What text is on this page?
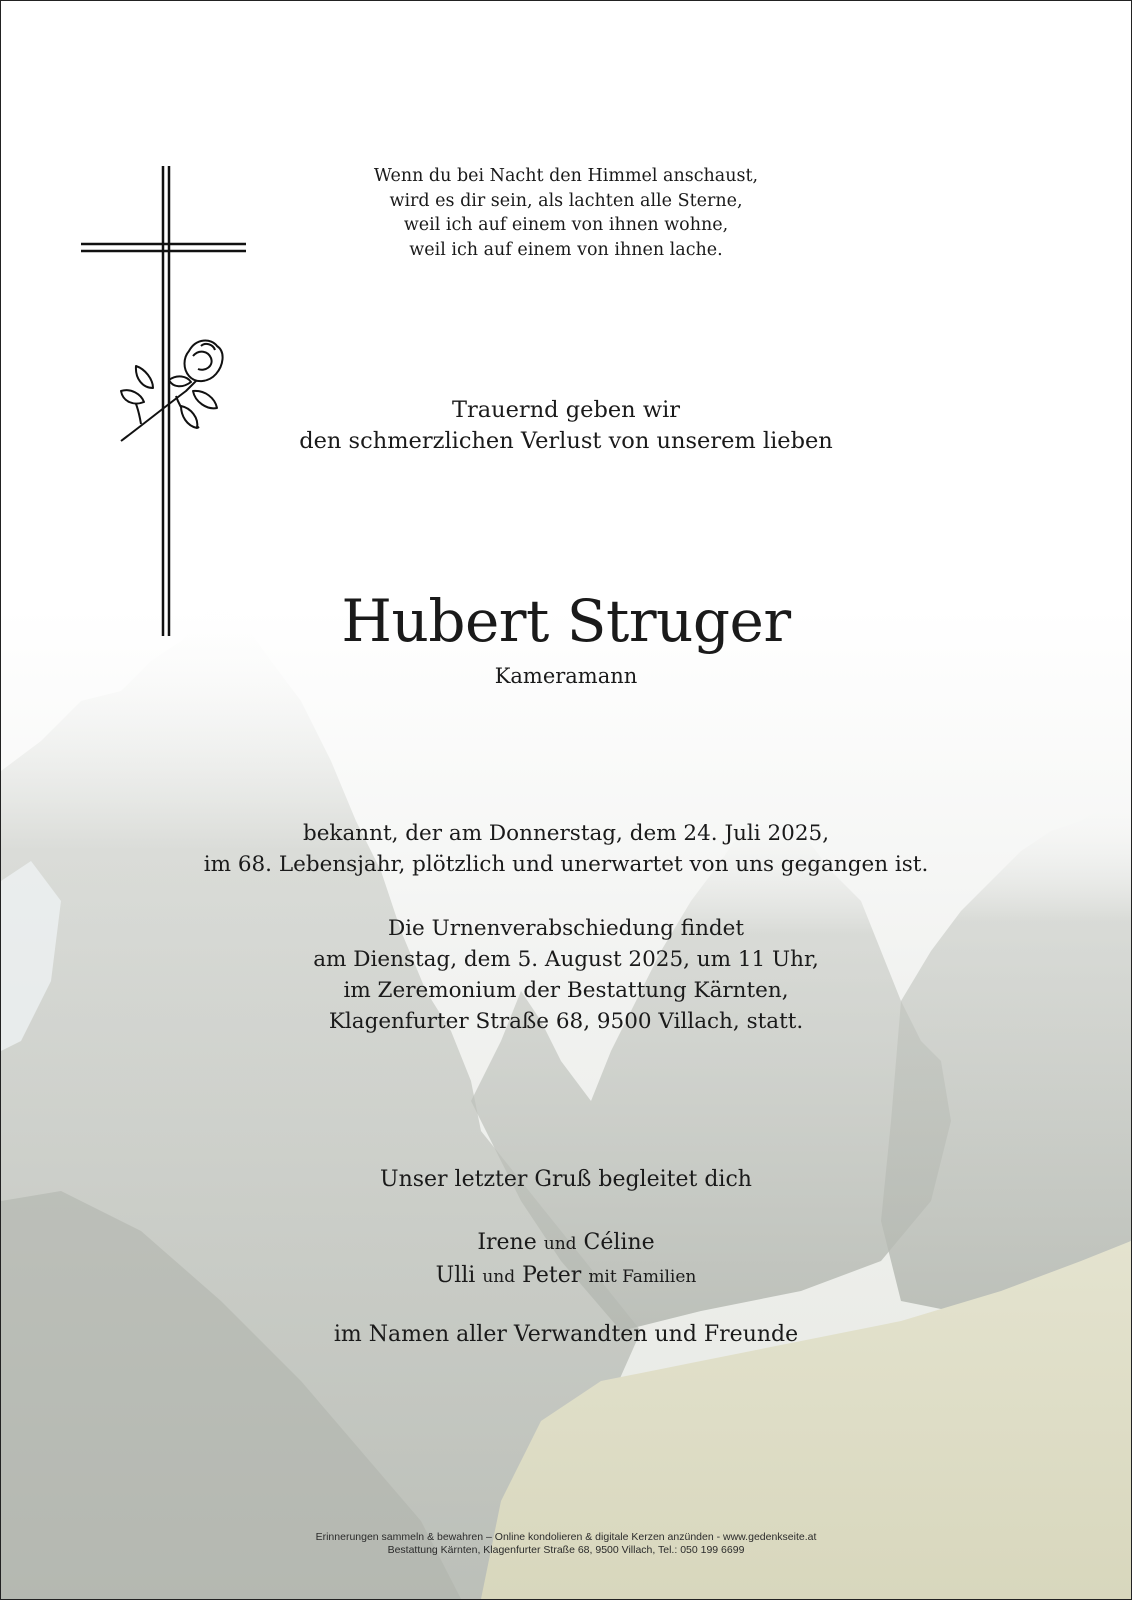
Wenn du bei Nacht den Himmel anschaust,
wird es dir sein, als lachten alle Sterne,
weil ich auf einem von ihnen wohne,
weil ich auf einem von ihnen lache.
Trauernd geben wir
den schmerzlichen Verlust von unserem lieben
Hubert Struger
Kameramann
bekannt, der am Donnerstag, dem 24. Juli 2025,
im 68. Lebensjahr, plötzlich und unerwartet von uns gegangen ist.
Die Urnenverabschiedung findet
am Dienstag, dem 5. August 2025, um 11 Uhr,
im Zeremonium der Bestattung Kärnten,
Klagenfurter Straße 68, 9500 Villach, statt.
Unser letzter Gruß begleitet dich
Irene und Céline
Ulli und Peter mit Familien
im Namen aller Verwandten und Freunde
Erinnerungen sammeln & bewahren – Online kondolieren & digitale Kerzen anzünden - www.gedenkseite.at
Bestattung Kärnten, Klagenfurter Straße 68, 9500 Villach, Tel.: 050 199 6699
